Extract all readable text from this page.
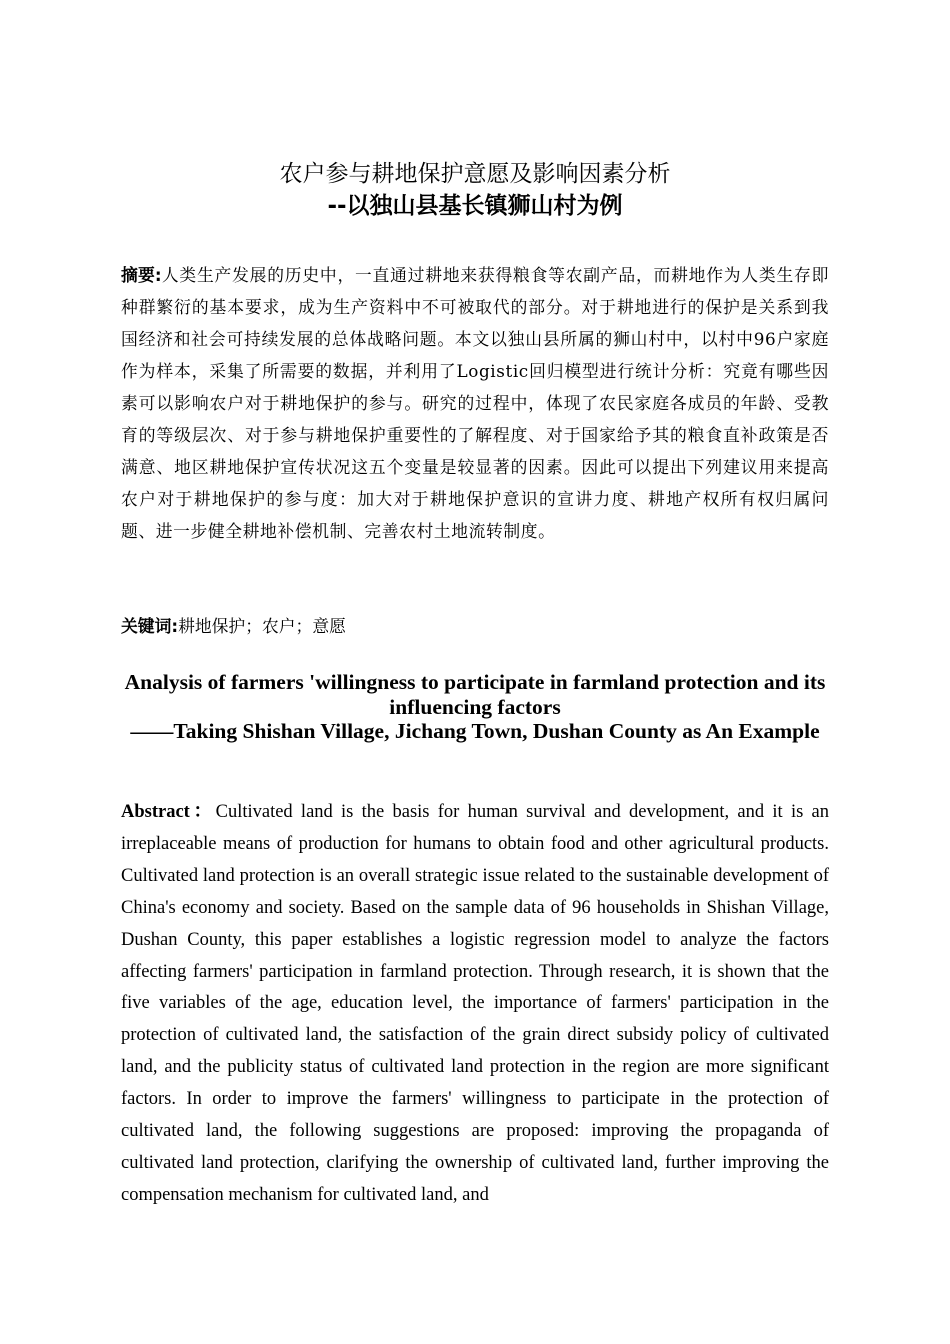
农户参与耕地保护意愿及影响因素分析
--以独山县基长镇狮山村为例
摘要:人类生产发展的历史中，一直通过耕地来获得粮食等农副产品，而耕地作为人类生存即种群繁衍的基本要求，成为生产资料中不可被取代的部分。对于耕地进行的保护是关系到我国经济和社会可持续发展的总体战略问题。本文以独山县所属的狮山村中，以村中96户家庭作为样本，采集了所需要的数据，并利用了Logistic回归模型进行统计分析：究竟有哪些因素可以影响农户对于耕地保护的参与。研究的过程中，体现了农民家庭各成员的年龄、受教育的等级层次、对于参与耕地保护重要性的了解程度、对于国家给予其的粮食直补政策是否满意、地区耕地保护宣传状况这五个变量是较显著的因素。因此可以提出下列建议用来提高农户对于耕地保护的参与度：加大对于耕地保护意识的宣讲力度、耕地产权所有权归属问题、进一步健全耕地补偿机制、完善农村土地流转制度。
关键词:耕地保护；农户；意愿
Analysis of farmers 'willingness to participate in farmland protection and its influencing factors
——Taking Shishan Village, Jichang Town, Dushan County as An Example
Abstract：Cultivated land is the basis for human survival and development, and it is an irreplaceable means of production for humans to obtain food and other agricultural products. Cultivated land protection is an overall strategic issue related to the sustainable development of China's economy and society. Based on the sample data of 96 households in Shishan Village, Dushan County, this paper establishes a logistic regression model to analyze the factors affecting farmers' participation in farmland protection. Through research, it is shown that the five variables of the age, education level, the importance of farmers' participation in the protection of cultivated land, the satisfaction of the grain direct subsidy policy of cultivated land, and the publicity status of cultivated land protection in the region are more significant factors. In order to improve the farmers' willingness to participate in the protection of cultivated land, the following suggestions are proposed: improving the propaganda of cultivated land protection, clarifying the ownership of cultivated land, further improving the compensation mechanism for cultivated land, and
